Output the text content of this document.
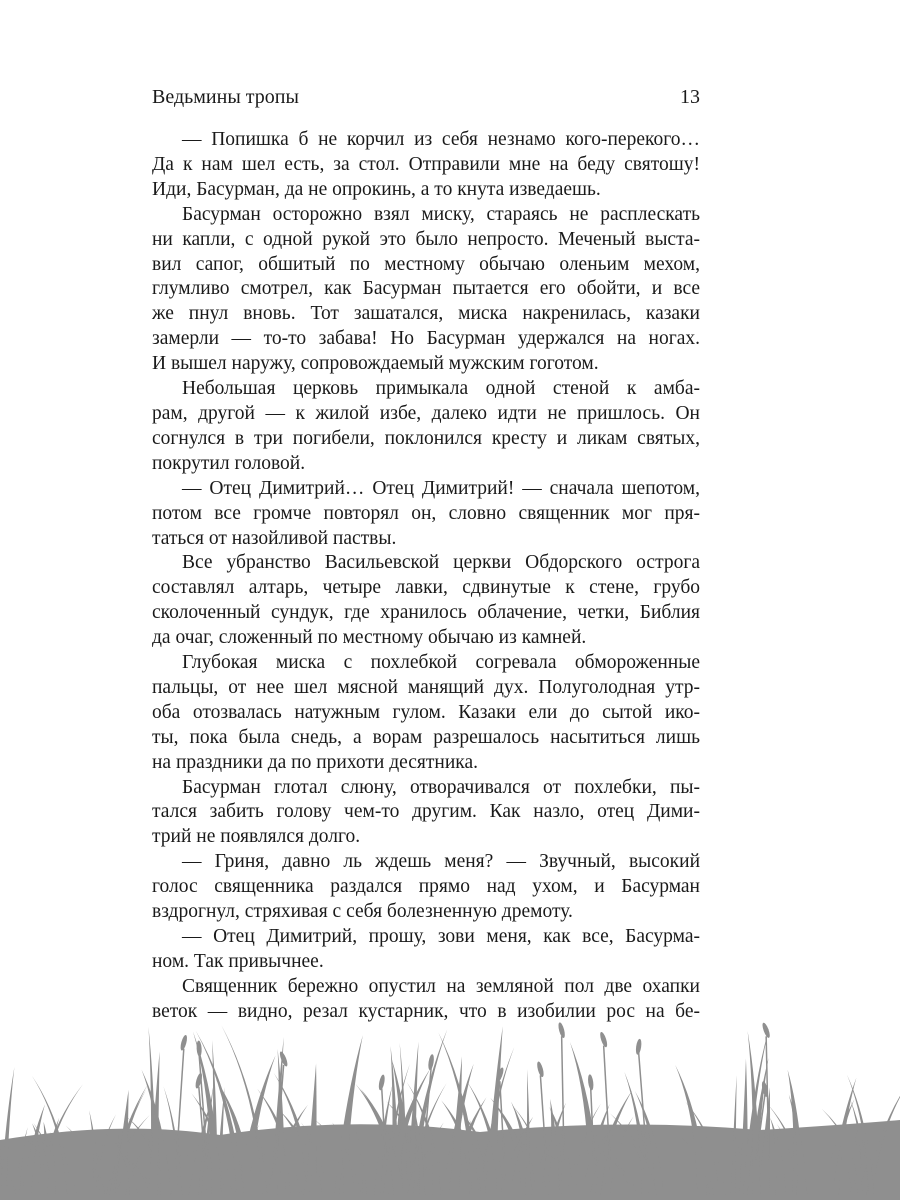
Ведьмины тропы	13

— Попишка б не корчил из себя незнамо кого-перекого…
Да к нам шел есть, за стол. Отправили мне на беду святошу!
Иди, Басурман, да не опрокинь, а то кнута изведаешь.

Басурман осторожно взял миску, стараясь не расплескать
ни капли, с одной рукой это было непросто. Меченый выста-
вил сапог, обшитый по местному обычаю оленьим мехом,
глумливо смотрел, как Басурман пытается его обойти, и все
же пнул вновь. Тот зашатался, миска накренилась, казаки
замерли — то-то забава! Но Басурман удержался на ногах.
И вышел наружу, сопровождаемый мужским гоготом.

Небольшая церковь примыкала одной стеной к амба-
рам, другой — к жилой избе, далеко идти не пришлось. Он
согнулся в три погибели, поклонился кресту и ликам святых,
покрутил головой.

— Отец Димитрий… Отец Димитрий! — сначала шепотом,
потом все громче повторял он, словно священник мог пря-
таться от назойливой паствы.

Все убранство Васильевской церкви Обдорского острога
составлял алтарь, четыре лавки, сдвинутые к стене, грубо
сколоченный сундук, где хранилось облачение, четки, Библия
да очаг, сложенный по местному обычаю из камней.

Глубокая миска с похлебкой согревала обмороженные
пальцы, от нее шел мясной манящий дух. Полуголодная утр-
оба отозвалась натужным гулом. Казаки ели до сытой ико-
ты, пока была снедь, а ворам разрешалось насытиться лишь
на праздники да по прихоти десятника.

Басурман глотал слюну, отворачивался от похлебки, пы-
тался забить голову чем-то другим. Как назло, отец Дими-
трий не появлялся долго.

— Гриня, давно ль ждешь меня? — Звучный, высокий
голос священника раздался прямо над ухом, и Басурман
вздрогнул, стряхивая с себя болезненную дремоту.

— Отец Димитрий, прошу, зови меня, как все, Басурма-
ном. Так привычнее.

Священник бережно опустил на земляной пол две охапки
веток — видно, резал кустарник, что в изобилии рос на бе-
